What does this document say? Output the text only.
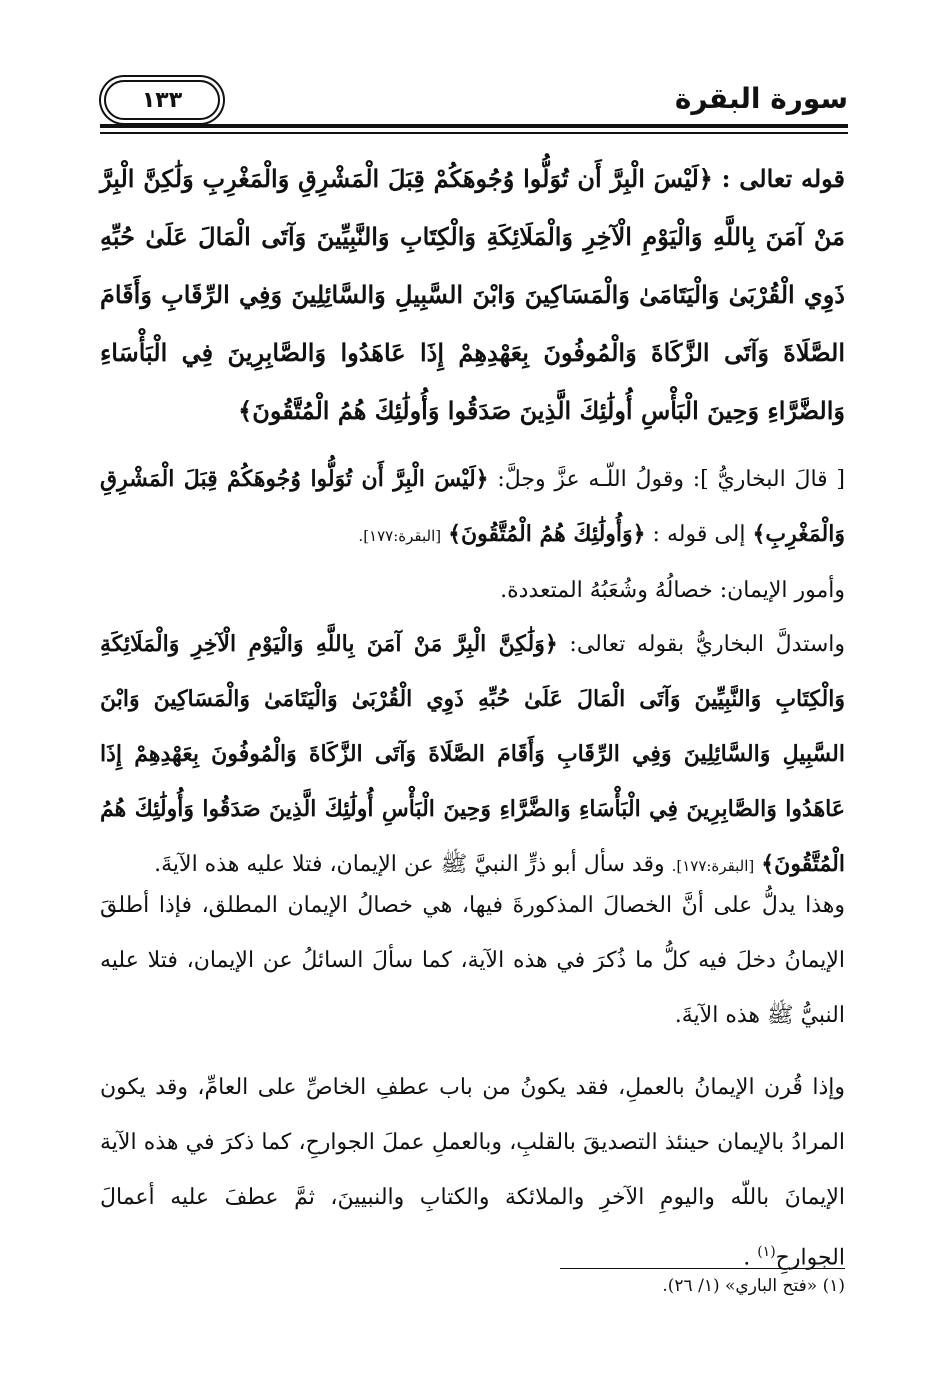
سورة البقرة
١٣٣
قوله تعالى : ﴿لَيْسَ الْبِرَّ أَن تُوَلُّوا وُجُوهَكُمْ قِبَلَ الْمَشْرِقِ وَالْمَغْرِبِ وَلَٰكِنَّ الْبِرَّ مَنْ آمَنَ بِاللَّهِ وَالْيَوْمِ الْآخِرِ وَالْمَلَائِكَةِ وَالْكِتَابِ وَالنَّبِيِّينَ وَآتَى الْمَالَ عَلَىٰ حُبِّهِ ذَوِي الْقُرْبَىٰ وَالْيَتَامَىٰ وَالْمَسَاكِينَ وَابْنَ السَّبِيلِ وَالسَّائِلِينَ وَفِي الرِّقَابِ وَأَقَامَ الصَّلَاةَ وَآتَى الزَّكَاةَ وَالْمُوفُونَ بِعَهْدِهِمْ إِذَا عَاهَدُوا وَالصَّابِرِينَ فِي الْبَأْسَاءِ وَالضَّرَّاءِ وَحِينَ الْبَأْسِ أُولَٰئِكَ الَّذِينَ صَدَقُوا وَأُولَٰئِكَ هُمُ الْمُتَّقُونَ﴾
[ قالَ البخاريُّ ]: وقولُ اللّـه عزَّ وجلَّ: ﴿لَيْسَ الْبِرَّ أَن تُوَلُّوا وُجُوهَكُمْ قِبَلَ الْمَشْرِقِ وَالْمَغْرِبِ﴾ إلى قوله : ﴿وَأُولَٰئِكَ هُمُ الْمُتَّقُونَ﴾ [البقرة:١٧٧].
وأمور الإيمان: خصالُهُ وشُعَبُهُ المتعددة.
واستدلَّ البخاريُّ بقوله تعالى: ﴿وَلَٰكِنَّ الْبِرَّ مَنْ آمَنَ بِاللَّهِ وَالْيَوْمِ الْآخِرِ وَالْمَلَائِكَةِ وَالْكِتَابِ وَالنَّبِيِّينَ وَآتَى الْمَالَ عَلَىٰ حُبِّهِ ذَوِي الْقُرْبَىٰ وَالْيَتَامَىٰ وَالْمَسَاكِينَ وَابْنَ السَّبِيلِ وَالسَّائِلِينَ وَفِي الرِّقَابِ وَأَقَامَ الصَّلَاةَ وَآتَى الزَّكَاةَ وَالْمُوفُونَ بِعَهْدِهِمْ إِذَا عَاهَدُوا وَالصَّابِرِينَ فِي الْبَأْسَاءِ وَالضَّرَّاءِ وَحِينَ الْبَأْسِ أُولَٰئِكَ الَّذِينَ صَدَقُوا وَأُولَٰئِكَ هُمُ الْمُتَّقُونَ﴾ [البقرة:١٧٧]. وقد سأل أبو ذرٍّ النبيَّ ﷺ عن الإيمان، فتلا عليه هذه الآيةَ.
وهذا يدلُّ على أنَّ الخصالَ المذكورةَ فيها، هي خصالُ الإيمان المطلق، فإذا أطلقَ الإيمانُ دخلَ فيه كلُّ ما ذُكرَ في هذه الآية، كما سألَ السائلُ عن الإيمان، فتلا عليه النبيُّ ﷺ هذه الآيةَ.
وإذا قُرن الإيمانُ بالعملِ، فقد يكونُ من باب عطفِ الخاصِّ على العامِّ، وقد يكون المرادُ بالإيمان حينئذ التصديقَ بالقلبِ، وبالعملِ عملَ الجوارحِ، كما ذكرَ في هذه الآية الإيمانَ باللّه واليومِ الآخرِ والملائكة والكتابِ والنبيينَ، ثمَّ عطفَ عليه أعمالَ الجوارحِ$^{(١)}$ .
(١) «فتح الباري» (١/ ٢٦).
